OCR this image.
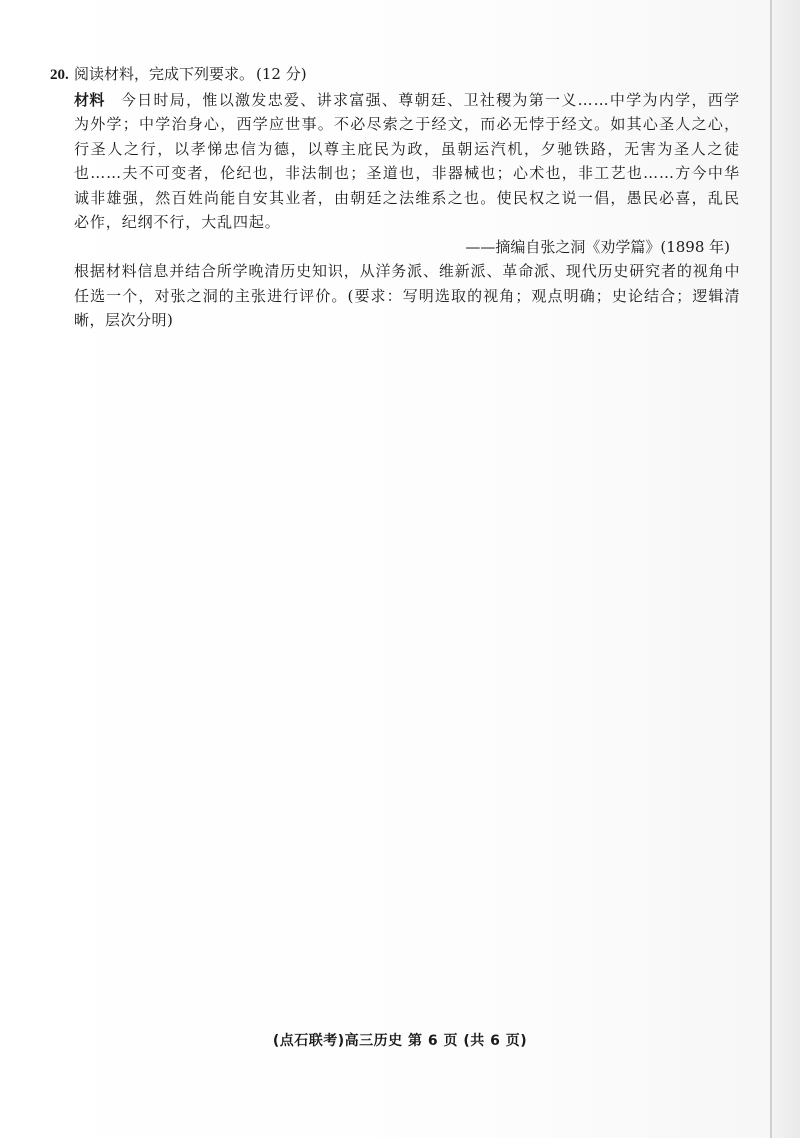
20. 阅读材料，完成下列要求。 (12 分)
材料 今日时局，惟以激发忠爱、讲求富强、尊朝廷、卫社稷为第一义……中学为内学，西学为外学；中学治身心，西学应世事。不必尽索之于经文，而必无悖于经文。如其心圣人之心，行圣人之行，以孝悌忠信为德，以尊主庇民为政，虽朝运汽机，夕驰铁路，无害为圣人之徒也……夫不可变者，伦纪也，非法制也；圣道也，非器械也；心术也，非工艺也……方今中华诚非雄强，然百姓尚能自安其业者，由朝廷之法维系之也。使民权之说一倡，愚民必喜，乱民必作，纪纲不行，大乱四起。
——摘编自张之洞《劝学篇》(1898 年)
根据材料信息并结合所学晚清历史知识，从洋务派、维新派、革命派、现代历史研究者的视角中任选一个，对张之洞的主张进行评价。(要求：写明选取的视角；观点明确；史论结合；逻辑清晰，层次分明)
(点石联考)高三历史 第 6 页 (共 6 页)
